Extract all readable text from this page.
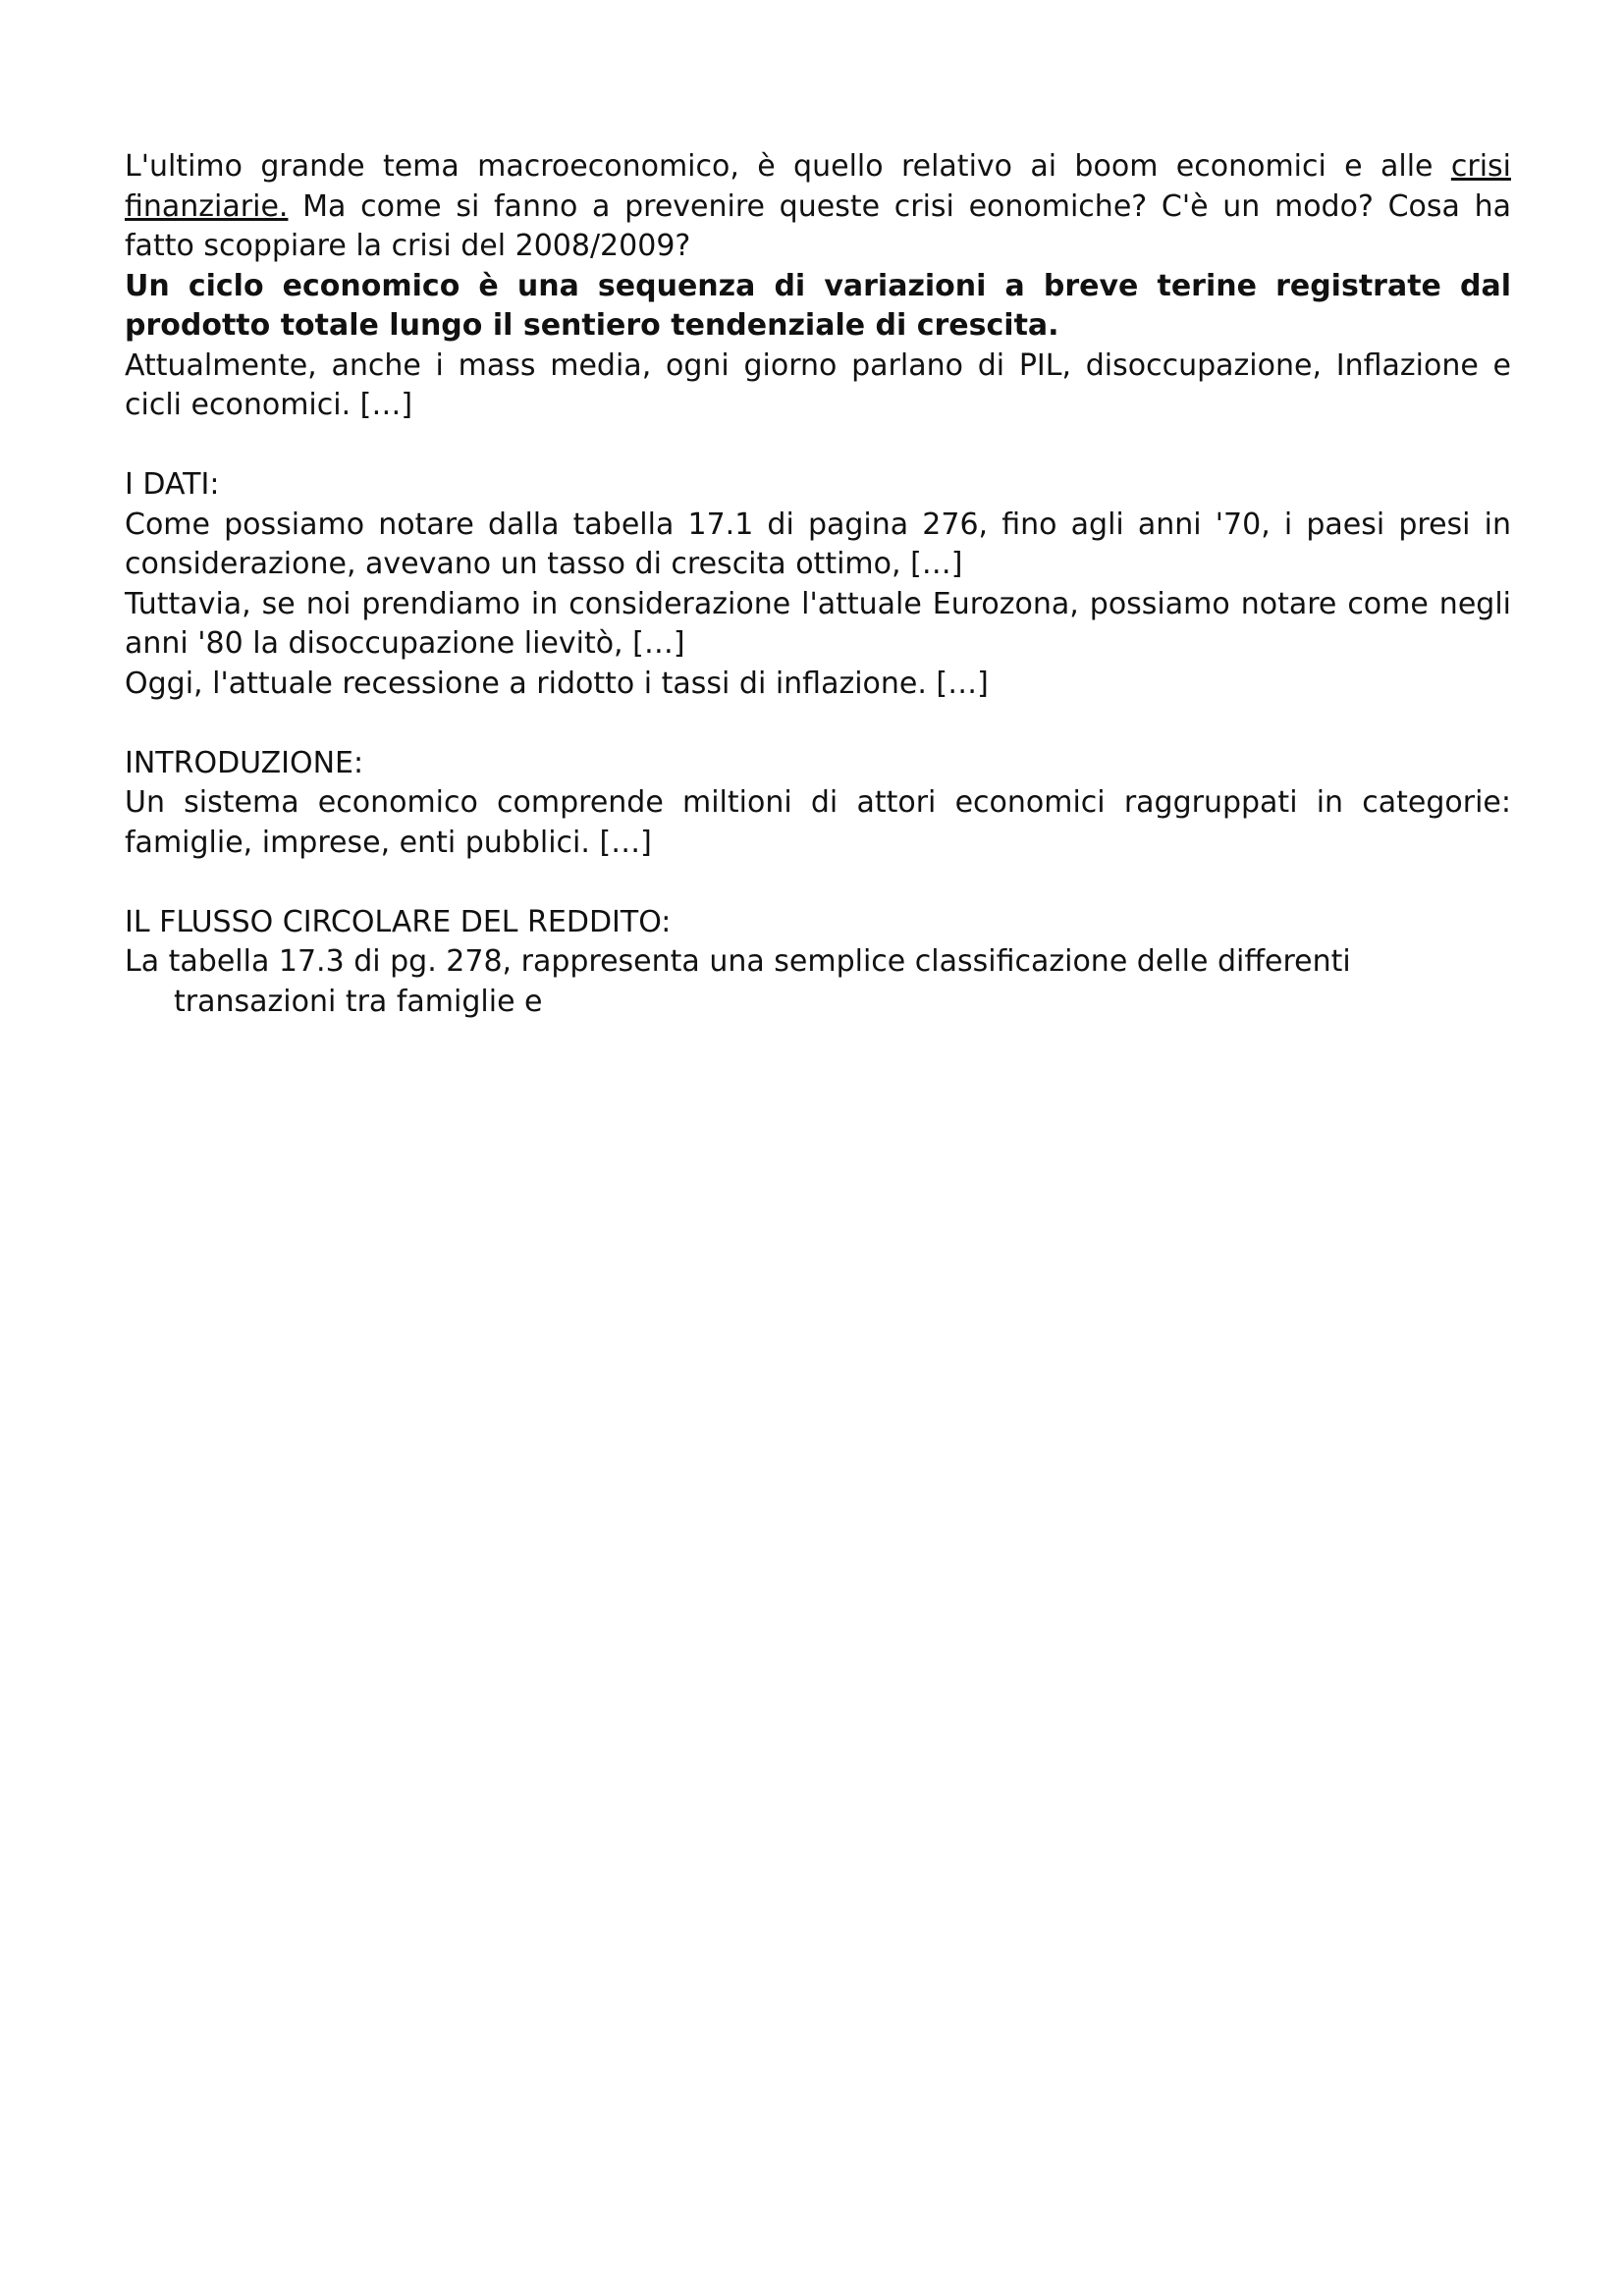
L'ultimo grande tema macroeconomico, è quello relativo ai boom economici e alle crisi finanziarie. Ma come si fanno a prevenire queste crisi eonomiche? C'è un modo? Cosa ha fatto scoppiare la crisi del 2008/2009?

Un ciclo economico è una sequenza di variazioni a breve terine registrate dal prodotto totale lungo il sentiero tendenziale di crescita.

Attualmente, anche i mass media, ogni giorno parlano di PIL, disoccupazione, Inflazione e cicli economici. […]

I DATI:

Come possiamo notare dalla tabella 17.1 di pagina 276, fino agli anni '70, i paesi presi in considerazione, avevano un tasso di crescita ottimo, […]

Tuttavia, se noi prendiamo in considerazione l'attuale Eurozona, possiamo notare come negli anni '80 la disoccupazione lievitò, […]

Oggi, l'attuale recessione a ridotto i tassi di inflazione. […]

INTRODUZIONE:

Un sistema economico comprende miltioni di attori economici raggruppati in categorie: famiglie, imprese, enti pubblici. […]

IL FLUSSO CIRCOLARE DEL REDDITO:

La tabella 17.3 di pg. 278, rappresenta una semplice classificazione delle differenti transazioni tra famiglie e
